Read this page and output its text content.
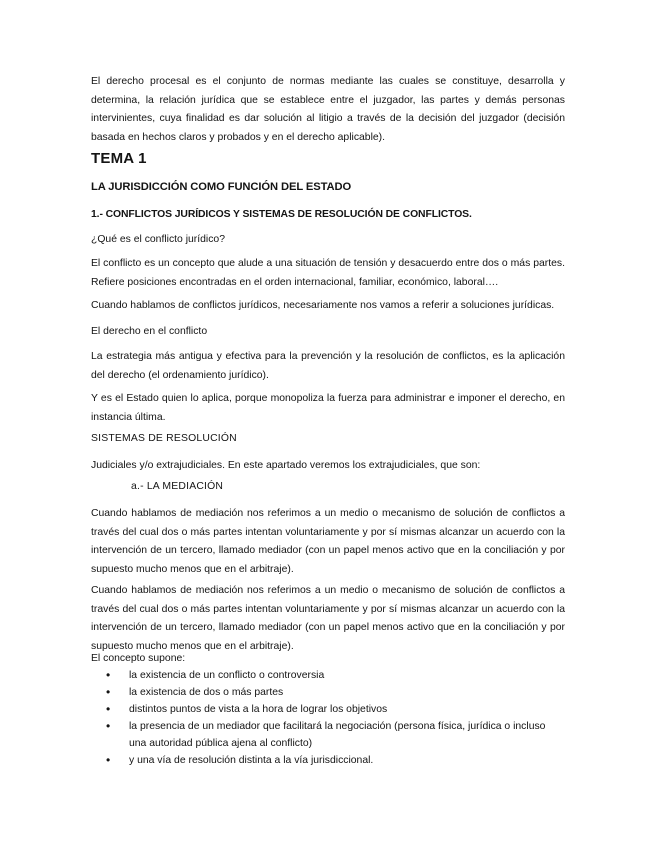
El derecho procesal es el conjunto de normas mediante las cuales se constituye, desarrolla y determina, la relación jurídica que se establece entre el juzgador, las partes y demás personas intervinientes, cuya finalidad es dar solución al litigio a través de la decisión del juzgador (decisión basada en hechos claros y probados y en el derecho aplicable).

TEMA 1
LA JURISDICCIÓN COMO FUNCIÓN DEL ESTADO
1.- CONFLICTOS JURÍDICOS Y SISTEMAS DE RESOLUCIÓN DE CONFLICTOS.

¿Qué es el conflicto jurídico?

El conflicto es un concepto que alude a una situación de tensión y desacuerdo entre dos o más partes. Refiere posiciones encontradas en el orden internacional, familiar, económico, laboral….

Cuando hablamos de conflictos jurídicos, necesariamente nos vamos a referir a soluciones jurídicas.

El derecho en el conflicto

La estrategia más antigua y efectiva para la prevención y la resolución de conflictos, es la aplicación del derecho (el ordenamiento jurídico).

Y es el Estado quien lo aplica, porque monopoliza la fuerza para administrar e imponer el derecho, en instancia última.

SISTEMAS DE RESOLUCIÓN

Judiciales y/o extrajudiciales. En este apartado veremos los extrajudiciales, que son:

a.- LA MEDIACIÓN

Cuando hablamos de mediación nos referimos a un medio o mecanismo de solución de conflictos a través del cual dos o más partes intentan voluntariamente y por sí mismas alcanzar un acuerdo con la intervención de un tercero, llamado mediador (con un papel menos activo que en la conciliación y por supuesto mucho menos que en el arbitraje).

Cuando hablamos de mediación nos referimos a un medio o mecanismo de solución de conflictos a través del cual dos o más partes intentan voluntariamente y por sí mismas alcanzar un acuerdo con la intervención de un tercero, llamado mediador (con un papel menos activo que en la conciliación y por supuesto mucho menos que en el arbitraje).

El concepto supone:

• la existencia de un conflicto o controversia
• la existencia de dos o más partes
• distintos puntos de vista a la hora de lograr los objetivos
• la presencia de un mediador que facilitará la negociación (persona física, jurídica o incluso una autoridad pública ajena al conflicto)
• y una vía de resolución distinta a la vía jurisdiccional.
